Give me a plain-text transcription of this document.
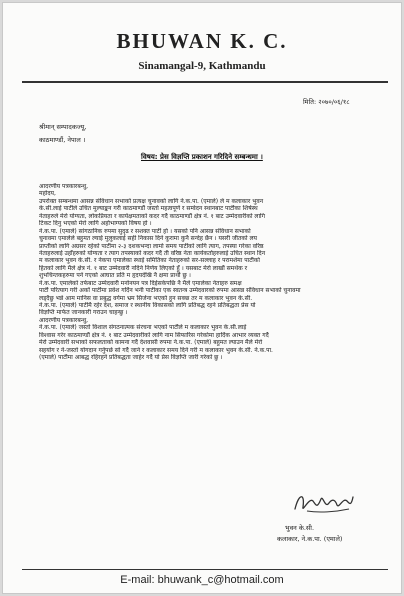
BHUWAN K. C.
Sinamangal-9, Kathmandu
मिति: २०७०/०६/१८
श्रीमान् सम्पादकज्यू,
काठमाण्डौं, नेपाल ।
विषय: प्रेस विज्ञप्ति प्रकाशन गरिदिने सम्बन्धमा ।
आदरणीय पत्रकारबन्धु,
महोदय,
उपरोक्त सम्बन्धमा आसन्न संविधान सभाको प्रत्यक्ष चुनावको लागि ने.क.पा. (एमाले) ले म कलाकार भुवन
के.सी.लाई पार्टीले उचित मुल्याङ्कन गरी काठमाण्डौं जस्तो महत्वपूर्ण र सम्वेदन स्थानबाट पार्टीका शिर्षस्थ
नेताहरुले मेरो योग्यता, लोकप्रियता र कार्यक्षमताको कदर गर्दै काठमाण्डौं क्षेत्र नं. १ बाट उम्मेदवारीको लागि
टिकट दिनु भएको मेरो लागि अहोभाग्यको विषय हो ।
ने.क.पा. (एमाले) सांगठानिक रुपमा सुदृढ र सशक्त पार्टी हो । यसको पनि आसन्न संविधान सभाको
चुनावमा एमालेले बहुमत ल्याई मुलुकलाई सही निकास दिने कुरामा कुनै सन्देह छैन । यसरी जीतको लय
प्राप्तीको लागि अग्रसर रहेको पार्टीमा २-३ दशकभन्दा लामो समय पार्टीको लागि त्याग, तपस्या गरेका वरिष्ठ
नेताहरुलाई उहाँहरुको योग्यता र त्याग तपस्याको कदर गर्दै ती वरिष्ठ नेता कार्यकर्ताहरुलाई उचित स्थान दिन
म कलाकार भुवन के.सी. र नेकपा एमालेका स्थाई समितिका नेताहरुको सर-सल्लाह र परामर्शमा पार्टीको
हितको लागि मैले क्षेत्र नं. १ बाट उम्मेदवारी नदिने निर्णय लिएको हुँ । यसबाट मेरो लाखौं समर्थक र
शुभचिन्तकहरुमा पर्न गएको आघात प्रति म हृदयदेखि नै क्षमा प्रार्थी छु ।
ने.क.पा. एमालेको तर्फबाट उम्मेदवारी मनोनयन पत्र दिईसकेपछि नै मैले एमालेका नेताहरु समक्ष
पार्टी परित्याग गरी अर्को पार्टीमा प्रवेश गर्दिन भनी पार्टीका एक स्वतन्त्र उम्मेदवारको रुपमा आसन्न संविधान सभाको चुनावमा
लड्दैछु भन्ने आम मानिस वा प्रबुद्ध वर्गमा भ्रम सिर्जना भएको हुन सक्छ तर म कलाकार भुवन के.सी.
ने.क.पा. (एमाले) पार्टीमै रहेर देश, समाज र स्थानीय विकासको लागि प्रतिबद्ध रहने प्रतिबद्धता प्रेस यो
विज्ञप्ति मार्फत जानकारी गराउन चाहन्छु ।
आदरणीय पत्रकारबन्धु,
ने.क.पा. (एमाले) जस्तो विशाल संगठनात्मक संरचना भएको पार्टीले म कलाकार भुवन के.सी.लाई
विश्वास गरेर काठमाण्डौं क्षेत्र नं. १ बाट उम्मेदवारीको लागि नाम सिफारिस गरेकोमा हार्दिक आभार व्यक्त गर्दै
मेरो उम्मेदवारी सभाको सफलताको कामना गर्दै देशवासी रुपमा ने.क.पा. (एमाले) बहुमत ल्याउन मैले मेरो
सहयोग र ने-जस्तो योगदान गर्नुपर्छ सो गर्दै जाने र कलाकार समय दिने गरी म कलाकार भुवन के.सी. ने.क.पा.
(एमाले) पार्टीमा आबद्ध रहिरहने प्रतिबद्धता जाहेर गर्दै यो प्रेस विज्ञप्ति जारी गरेको छु ।
भुवन के.सी.
कलाकार, ने.क.पा. (एमाले)
E-mail: bhuwank_c@hotmail.com
